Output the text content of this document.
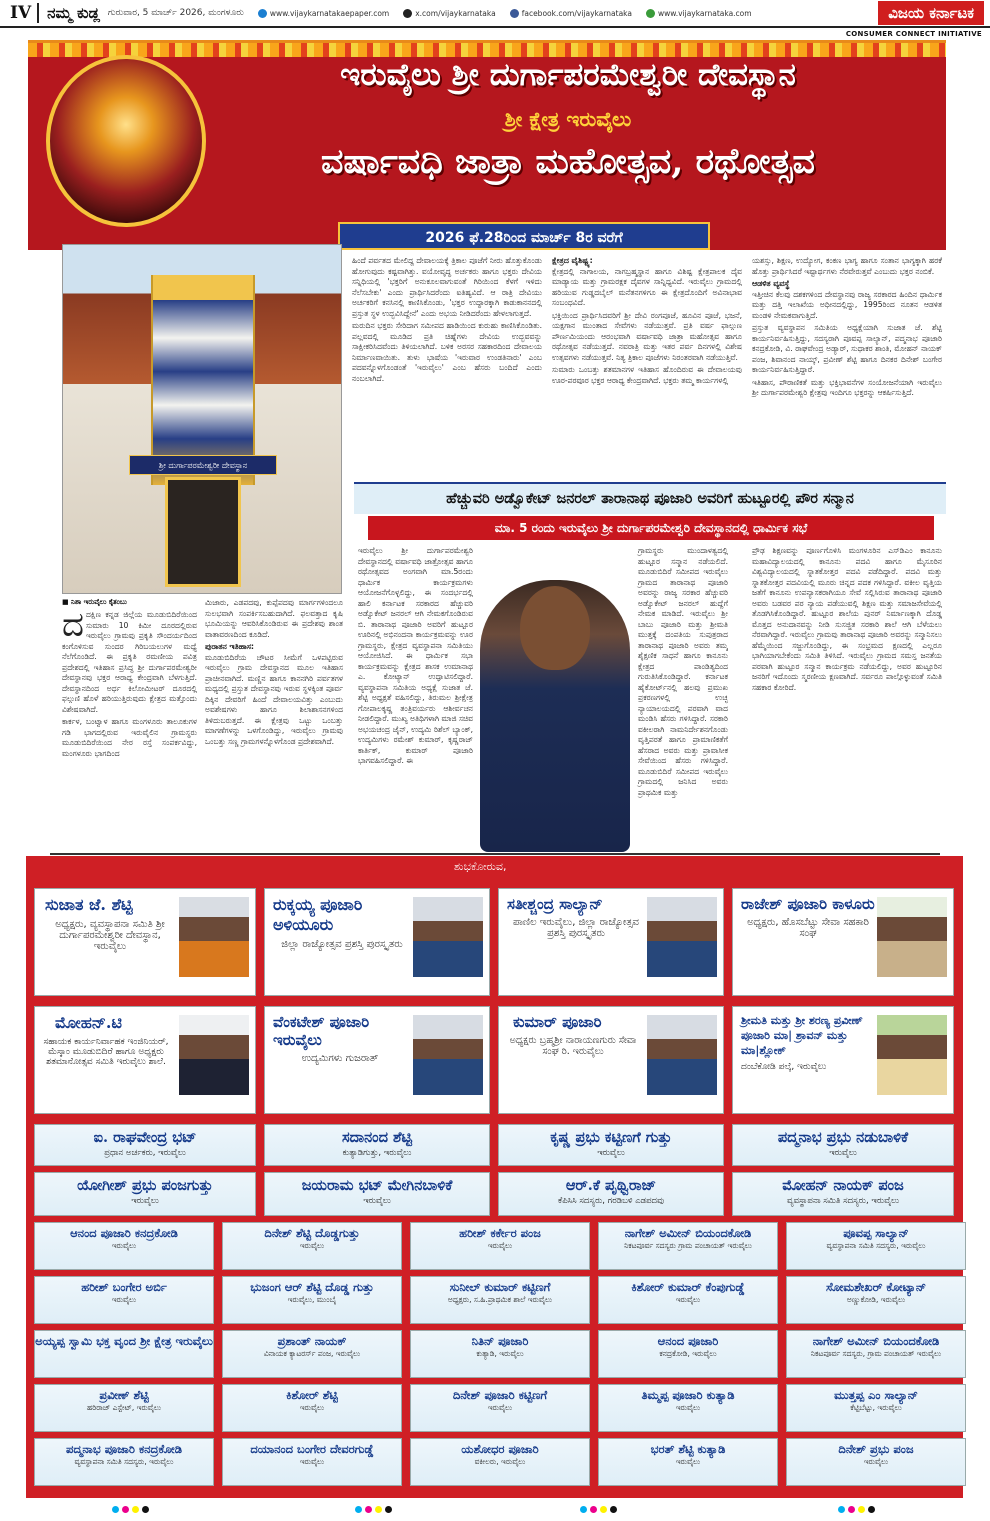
IV	ನಮ್ಮ ಕುಡ್ಲ ಗುರುವಾರ, 5 ಮಾರ್ಚ್ 2026, ಮಂಗಳೂರು	www.vijaykarnatakaepaper.com	x.com/vijaykarnataka	facebook.com/vijaykarnataka	www.vijaykarnataka.com	ವಿಜಯ ಕರ್ನಾಟಕ
CONSUMER CONNECT INITIATIVE
ಇರುವೈಲು ಶ್ರೀ ದುರ್ಗಾಪರಮೇಶ್ವರೀ ದೇವಸ್ಥಾನ
ಶ್ರೀ ಕ್ಷೇತ್ರ ಇರುವೈಲು
ವರ್ಷಾವಧಿ ಜಾತ್ರಾ ಮಹೋತ್ಸವ, ರಥೋತ್ಸವ
2026 ಫೆ.28ರಿಂದ ಮಾರ್ಚ್ 8ರ ವರೆಗೆ
ಶ್ರೀ ದುರ್ಗಾಪರಮೇಶ್ವರೀ ದೇವಸ್ಥಾನ
■ ನಿಶಾ ಇರುವೈಲು ಕೈತಂಬು

ದದಕ್ಷಿಣ ಕನ್ನಡ ಜಿಲ್ಲೆಯ ಮೂಡುಬಿದಿರೆಯಿಂದ ಸುಮಾರು 10 ಕಿಮೀ ದೂರದಲ್ಲಿರುವ ಇರುವೈಲು ಗ್ರಾಮವು ಪ್ರಕೃತಿ ಸೌಂದರ್ಯದಿಂದ ಕಂಗೊಳಿಸುವ ಸುಂದರ ಗಿರಿಬಯಲುಗಳ ಮಧ್ಯೆ ನೆಲೆಗೊಂಡಿದೆ. ಈ ಪ್ರಕೃತಿ ರಮಣೀಯ ಪವಿತ್ರ ಪ್ರದೇಶದಲ್ಲಿ ಇತಿಹಾಸ ಪ್ರಸಿದ್ಧ ಶ್ರೀ ದುರ್ಗಾಪರಮೇಶ್ವರೀ ದೇವಸ್ಥಾನವು ಭಕ್ತರ ಆರಾಧ್ಯ ಕೇಂದ್ರವಾಗಿ ಬೆಳಗುತ್ತಿದೆ. ದೇವಸ್ಥಾನದಿಂದ ಅರ್ಧ ಕಿಲೋಮೀಟರ್ ದೂರದಲ್ಲಿ ಫಲ್ಗುಣಿ ಹೊಳೆ ಹರಿಯುತ್ತಿರುವುದು ಕ್ಷೇತ್ರದ ಮತ್ತೊಂದು ವಿಶೇಷವಾಗಿದೆ.

ಕಾರ್ಕಳ, ಬಂಟ್ವಾಳ ಹಾಗೂ ಮಂಗಳೂರು ತಾಲೂಕುಗಳ ಗಡಿ ಭಾಗದಲ್ಲಿರುವ ಇರುವೈಲಿನ ಗ್ರಾಮಸ್ಥರು ಮೂಡುಬಿದಿರೆಯಿಂದ ನೇರ ರಸ್ತೆ ಸಂಪರ್ಕವಿದ್ದು, ಮಂಗಳೂರು ಭಾಗದಿಂದ

ಮಿಜಾರು, ಎಡಪದವು, ಕುಪ್ಪೆಪದವು ಮಾರ್ಗಗಳಿಂದಲೂ ಸುಲಭವಾಗಿ ಸಂಪರ್ಕಿಸಬಹುದಾಗಿದೆ. ಫಲವತ್ತಾದ ಕೃಷಿ ಭೂಮಿಯನ್ನು ಆವರಿಸಿಕೊಂಡಿರುವ ಈ ಪ್ರದೇಶವು ಶಾಂತ ವಾತಾವರಣದಿಂದ ಕೂಡಿದೆ.

ಪುರಾತನ ಇತಿಹಾಸ:

ಮೂಡುಬಿದಿರೆಯ ಚೌಟರ ಸೀಮೆಗೆ ಒಳಪಟ್ಟಿರುವ ಇರುವೈಲು ಗ್ರಾಮ ದೇವಸ್ಥಾನದ ಮೂಲ ಇತಿಹಾಸ ಪ್ರಾಚೀನವಾಗಿದೆ. ಮಣ್ಣಿನ ಹಾಗೂ ಕಾನನಗಿರಿ ಪರ್ವತಗಳ ಮಧ್ಯದಲ್ಲಿ ಪ್ರಸ್ತುತ ದೇವಸ್ಥಾನವು ಇರುವ ಸ್ಥಳಕ್ಕಿಂತ ಪೂರ್ವ ದಿಕ್ಕಿನ ದೇವರಿಗೆ ಹಿಂದೆ ದೇವಾಲಯವಿತ್ತು ಎಂಬುದು ಅವಶೇಷಗಳು ಹಾಗೂ ಶಿಲಾಶಾಸನಗಳಿಂದ ತಿಳಿದುಬರುತ್ತದೆ. ಈ ಕ್ಷೇತ್ರವು ಒಟ್ಟು ಒಂಬತ್ತು ಮಾಗಣೆಗಳನ್ನು ಒಳಗೊಂಡಿದ್ದು, ಇರುವೈಲು ಗ್ರಾಮವು ಒಂಬತ್ತು ಸಣ್ಣ ಗ್ರಾಮಗಳನ್ನೊಳಗೊಂಡ ಪ್ರದೇಶವಾಗಿದೆ.

ಹಿಂದೆ ಪರ್ವತದ ಮೇಲಿದ್ದ ದೇವಾಲಯಕ್ಕೆ ತ್ರಿಕಾಲ ಪೂಜೆಗೆ ನೀರು ಹೊತ್ತುಕೊಂಡು ಹೋಗುವುದು ಕಷ್ಟವಾಗಿತ್ತು. ವಯೋವೃದ್ಧ ಅರ್ಚಕರು ಹಾಗೂ ಭಕ್ತರು ದೇವಿಯ ಸನ್ನಿಧಿಯಲ್ಲಿ 'ಭಕ್ತರಿಗೆ ಅನುಕೂಲವಾಗುವಂತೆ ಗಿರಿಯಿಂದ ಕೆಳಗೆ ಇಳಿದು ನೆಲೆಸಬೇಕು' ಎಂದು ಪ್ರಾರ್ಥಿಸಿದರೆಂದು ಐತಿಹ್ಯವಿದೆ. ಆ ರಾತ್ರಿ ದೇವಿಯು ಅರ್ಚಕರಿಗೆ ಕನಸಿನಲ್ಲಿ ಕಾಣಿಸಿಕೊಂಡು, 'ಭಕ್ತರ ಉದ್ಧಾರಕ್ಕಾಗಿ ಕಾಡುಕಾನನದಲ್ಲಿ ಪ್ರಸ್ತುತ ಸ್ಥಳ ಉದ್ಭವಿಸಿದ್ದೇನೆ' ಎಂದು ಅಭಯ ನೀಡಿದರೆಂದು ಹೇಳಲಾಗುತ್ತದೆ.

ಮರುದಿನ ಭಕ್ತರು ಸೇರಿದಾಗ ಸಮೀಪದ ಹಾಡಿಯಿಂದ ಕುರುಹು ಕಾಣಿಸಿಕೊಂಡಿತು. ಪಲ್ಲವದಲ್ಲಿ ಮೂಡಿದ ಪ್ರತಿ ಚಿಹ್ನೆಗಳು ದೇವಿಯ ಉದ್ಭವವನ್ನು ಸಾಕ್ಷೀಕರಿಸಿದವೆಂದು ತಿಳಿಯಲಾಗಿದೆ. ಬಳಿಕ ಅರಸರ ಸಹಕಾರದಿಂದ ದೇವಾಲಯ ನಿರ್ಮಾಣವಾಯಿತು. ತುಳು ಭಾಷೆಯ 'ಇರುವಾರ ಉಂಡತಿನಾರು' ಎಂಬ ಪದವನ್ನೊಳಗೊಂಡಂತೆ 'ಇರುವೈಲು' ಎಂಬ ಹೆಸರು ಬಂದಿದೆ ಎಂದು ನಂಬಲಾಗಿದೆ.

ಕ್ಷೇತ್ರದ ವೈಶಿಷ್ಟ್ಯ:

ಕ್ಷೇತ್ರದಲ್ಲಿ ನಾಗಾಲಯ, ನಾಗಬ್ರಹ್ಮಸ್ಥಾನ ಹಾಗೂ ವಿಶಿಷ್ಟ ಕ್ಷೇತ್ರಪಾಲಕ ದೈವ ಮಾಡ್ಯಾಯ ಮತ್ತು ಗ್ರಾಮರಕ್ಷಕ ದೈವಗಳ ಸಾನ್ನಿಧ್ಯವಿದೆ. ಇರುವೈಲು ಗ್ರಾಮದಲ್ಲಿ ಹರಿಯುವ ಗುಡ್ಡದಬೈಲ್ ಮನೆತನಗಳಿಗೂ ಈ ಕ್ಷೇತ್ರದೊಂದಿಗೆ ಅವಿನಾಭಾವ ಸಂಬಂಧವಿದೆ.

ಭಕ್ತಿಯಿಂದ ಪ್ರಾರ್ಥಿಸಿದವರಿಗೆ ಶ್ರೀ ದೇವಿ ರಂಗಪೂಜೆ, ಹೂವಿನ ಪೂಜೆ, ಭಜನೆ, ಯಕ್ಷಗಾನ ಮುಂತಾದ ಸೇವೆಗಳು ನಡೆಯುತ್ತವೆ. ಪ್ರತಿ ವರ್ಷ ಫಾಲ್ಗುಣ ಪೌರ್ಣಮಿಯಂದು ಆರಂಭವಾಗಿ ವರ್ಷಾವಧಿ ಜಾತ್ರಾ ಮಹೋತ್ಸವ ಹಾಗೂ ರಥೋತ್ಸವ ನಡೆಯುತ್ತದೆ. ನವರಾತ್ರಿ ಮತ್ತು ಇತರ ಪರ್ವ ದಿನಗಳಲ್ಲಿ ವಿಶೇಷ ಉತ್ಸವಗಳು ನಡೆಯುತ್ತವೆ. ನಿತ್ಯ ತ್ರಿಕಾಲ ಪೂಜೆಗಳು ನಿರಂತರವಾಗಿ ನಡೆಯುತ್ತಿವೆ.

ಸುಮಾರು ಒಂಬತ್ತು ಶತಮಾನಗಳ ಇತಿಹಾಸ ಹೊಂದಿರುವ ಈ ದೇವಾಲಯವು ಊರ-ಪರವೂರ ಭಕ್ತರ ಆರಾಧ್ಯ ಕೇಂದ್ರವಾಗಿದೆ. ಭಕ್ತರು ತಮ್ಮ ಕಾರ್ಯಗಳಲ್ಲಿ

ಯಶಸ್ಸು, ಶಿಕ್ಷಣ, ಉದ್ಯೋಗ, ಕಂಕಣ ಭಾಗ್ಯ ಹಾಗೂ ಸಂತಾನ ಭಾಗ್ಯಕ್ಕಾಗಿ ಹರಕೆ ಹೊತ್ತು ಪ್ರಾರ್ಥಿಸಿದರೆ ಇಷ್ಟಾರ್ಥಗಳು ನೆರವೇರುತ್ತವೆ ಎಂಬುದು ಭಕ್ತರ ನಂಬಿಕೆ.

ಆಡಳಿತ ವ್ಯವಸ್ಥೆ

ಇತ್ತೀಚಿನ ಕೆಲವು ದಶಕಗಳಿಂದ ದೇವಸ್ಥಾನವು ರಾಜ್ಯ ಸರಕಾರದ ಹಿಂದಿನ ಧಾರ್ಮಿಕ ಮತ್ತು ದತ್ತಿ ಇಲಾಖೆಯ ಅಧೀನದಲ್ಲಿದ್ದು, 1995ರಿಂದ ನೂತನ ಆಡಳಿತ ಮಂಡಳಿ ನೇಮಕವಾಗುತ್ತಿದೆ.

ಪ್ರಸ್ತುತ ವ್ಯವಸ್ಥಾಪನ ಸಮಿತಿಯ ಅಧ್ಯಕ್ಷೆಯಾಗಿ ಸುಜಾತ ಜೆ. ಶೆಟ್ಟಿ ಕಾರ್ಯನಿರ್ವಹಿಸುತ್ತಿದ್ದು, ಸದಸ್ಯರಾಗಿ ಪೂವಪ್ಪ ಸಾಲ್ಯಾನ್, ಪದ್ಮನಾಭ ಪೂಜಾರಿ ಕನದ್ರಕೋಡಿ, ವಿ. ರಾಘವೇಂದ್ರ ಅಡ್ಯಾರ್, ಸುಧಾಕರ ಶಾಂತಿ, ಮೋಹನ್ ನಾಯಕ್ ಪಂಜ, ಶಿವಾನಂದ ನಾಯ್ಕ್, ಪ್ರವೀಣ್ ಶೆಟ್ಟಿ ಹಾಗೂ ದಿನಕರ ದಿನೇಶ್ ಬಂಗೇರ ಕಾರ್ಯನಿರ್ವಹಿಸುತ್ತಿದ್ದಾರೆ.

ಇತಿಹಾಸ, ಪೌರಾಣಿಕತೆ ಮತ್ತು ಭಕ್ತಿಭಾವನೆಗಳ ಸಂಯೋಜನೆಯಾಗಿ ಇರುವೈಲು ಶ್ರೀ ದುರ್ಗಾಪರಮೇಶ್ವರಿ ಕ್ಷೇತ್ರವು ಇಂದಿಗೂ ಭಕ್ತರನ್ನು ಆಕರ್ಷಿಸುತ್ತಿದೆ.

ಹೆಚ್ಚುವರಿ ಅಡ್ವೊಕೇಟ್ ಜನರಲ್ ತಾರಾನಾಥ ಪೂಜಾರಿ ಅವರಿಗೆ ಹುಟ್ಟೂರಲ್ಲಿ ಪೌರ ಸನ್ಮಾನ
ಮಾ. 5 ರಂದು ಇರುವೈಲು ಶ್ರೀ ದುರ್ಗಾಪರಮೇಶ್ವರಿ ದೇವಸ್ಥಾನದಲ್ಲಿ ಧಾರ್ಮಿಕ ಸಭೆ
ಇರುವೈಲು ಶ್ರೀ ದುರ್ಗಾಪರಮೇಶ್ವರಿ ದೇವಸ್ಥಾನದಲ್ಲಿ ವರ್ಷಾವಧಿ ಜಾತ್ರೋತ್ಸವ ಹಾಗೂ ರಥೋತ್ಸವದ ಅಂಗವಾಗಿ ಮಾ.5ರಂದು ಧಾರ್ಮಿಕ ಕಾರ್ಯಕ್ರಮಗಳು ಆಯೋಜನೆಗೊಳ್ಳಲಿದ್ದು, ಈ ಸಂದರ್ಭದಲ್ಲಿ ಹಾಲಿ ಕರ್ನಾಟಕ ಸರಕಾರದ ಹೆಚ್ಚುವರಿ ಅಡ್ವೊಕೇಟ್ ಜನರಲ್ ಆಗಿ ನೇಮಕಗೊಂಡಿರುವ ಬಿ. ತಾರಾನಾಥ ಪೂಜಾರಿ ಅವರಿಗೆ ಹುಟ್ಟೂರ ಊರಿನಲ್ಲಿ ಅಭಿನಂದನಾ ಕಾರ್ಯಕ್ರಮವನ್ನು ಊರ ಗ್ರಾಮಸ್ಥರು, ಕ್ಷೇತ್ರದ ವ್ಯವಸ್ಥಾಪನಾ ಸಮಿತಿಯು ಆಯೋಜಿಸಿದೆ. ಈ ಧಾರ್ಮಿಕ ಸಭಾ ಕಾರ್ಯಕ್ರಮವನ್ನು ಕ್ಷೇತ್ರದ ಶಾಸಕ ಉಮಾನಾಥ ಎ. ಕೋಟ್ಯಾನ್ ಉದ್ಘಾಟಿಸಲಿದ್ದಾರೆ. ವ್ಯವಸ್ಥಾಪನಾ ಸಮಿತಿಯ ಅಧ್ಯಕ್ಷೆ ಸುಜಾತ ಜೆ. ಶೆಟ್ಟಿ ಅಧ್ಯಕ್ಷತೆ ವಹಿಸಲಿದ್ದು, ತಿರುಮಲ ಶ್ರೀಕ್ಷೇತ್ರ ಗೋಪಾಲಕೃಷ್ಣ ತಂತ್ರಿವರ್ಯರು ಆಶೀರ್ವಚನ ನೀಡಲಿದ್ದಾರೆ. ಮುಖ್ಯ ಅತಿಥಿಗಳಾಗಿ ಮಾಜಿ ಸಚಿವ ಅಭಯಚಂದ್ರ ಜೈನ್, ಉದ್ಯಮಿ ರಿಶೆಲ್ ಬ್ಯಾಂಕ್, ಉದ್ಯಮಿಗಳು ರಮೇಶ್ ಕುಮಾರ್, ಕೃಷ್ಣರಾಜ್ ಕಾರ್ತಿಕ್, ಕುಮಾರ್ ಪೂಜಾರಿ ಭಾಗವಹಿಸಲಿದ್ದಾರೆ. ಈ
ಗ್ರಾಮಸ್ಥರು ಮುಂದಾಳತ್ವದಲ್ಲಿ ಹುಟ್ಟೂರ ಸನ್ಮಾನ ನಡೆಯಲಿದೆ. ಮೂಡುಬಿದಿರೆ ಸಮೀಪದ ಇರುವೈಲು ಗ್ರಾಮದ ತಾರಾನಾಥ ಪೂಜಾರಿ ಅವರನ್ನು ರಾಜ್ಯ ಸರಕಾರ ಹೆಚ್ಚುವರಿ ಅಡ್ವೊಕೇಟ್ ಜನರಲ್ ಹುದ್ದೆಗೆ ನೇಮಕ ಮಾಡಿದೆ. ಇರುವೈಲು ಶ್ರೀ ಬಾಬು ಪೂಜಾರಿ ಮತ್ತು ಶ್ರೀಮತಿ ಮುತ್ತಕ್ಕೆ ದಂಪತಿಯ ಸುಪುತ್ರರಾದ ತಾರಾನಾಥ ಪೂಜಾರಿ ಅವರು ತಮ್ಮ ಶೈಕ್ಷಣಿಕ ಸಾಧನೆ ಹಾಗೂ ಕಾನೂನು ಕ್ಷೇತ್ರದ ಪಾಂಡಿತ್ಯದಿಂದ ಗುರುತಿಸಿಕೊಂಡಿದ್ದಾರೆ. ಕರ್ನಾಟಕ ಹೈಕೋರ್ಟ್‌ನಲ್ಲಿ ಹಲವು ಪ್ರಮುಖ ಪ್ರಕರಣಗಳಲ್ಲಿ ಉಚ್ಛ ನ್ಯಾಯಾಲಯದಲ್ಲಿ ಪರವಾಗಿ ವಾದ ಮಂಡಿಸಿ ಹೆಸರು ಗಳಿಸಿದ್ದಾರೆ. ಸರಕಾರಿ ವಕೀಲರಾಗಿ ನಾಮನಿರ್ದೇಶನಗೊಂಡು ವೃತ್ತಿಪರತೆ ಹಾಗೂ ಪ್ರಾಮಾಣಿಕತೆಗೆ ಹೆಸರಾದ ಅವರು ಮತ್ತು ಪ್ರಾವಾಸೀಕ ಸೇವೆಯಿಂದ ಹೆಸರು ಗಳಿಸಿದ್ದಾರೆ. ಮೂಡುಬಿದಿರೆ ಸಮೀಪದ ಇರುವೈಲು ಗ್ರಾಮದಲ್ಲಿ ಜನಿಸಿದ ಅವರು ಪ್ರಾಥಮಿಕ ಮತ್ತು
ಪ್ರೌಢ ಶಿಕ್ಷಣವನ್ನು ಪೂರ್ಣಗೊಳಿಸಿ ಮಂಗಳೂರಿನ ಎಸ್‌ಡಿಎಂ ಕಾನೂನು ಮಹಾವಿದ್ಯಾಲಯದಲ್ಲಿ ಕಾನೂನು ಪದವಿ ಹಾಗೂ ಮೈಸೂರಿನ ವಿಶ್ವವಿದ್ಯಾಲಯದಲ್ಲಿ ಸ್ನಾತಕೋತ್ತರ ಪದವಿ ಪಡೆದಿದ್ದಾರೆ. ಪದವಿ ಮತ್ತು ಸ್ನಾತಕೋತ್ತರ ಪದವಿಯಲ್ಲಿ ಮೂರು ಚಿನ್ನದ ಪದಕ ಗಳಿಸಿದ್ದಾರೆ. ವಕೀಲ ವೃತ್ತಿಯ ಜತೆಗೆ ಕಾನೂನು ಉಪನ್ಯಾಸಕರಾಗಿಯೂ ಸೇವೆ ಸಲ್ಲಿಸಿರುವ ತಾರಾನಾಥ ಪೂಜಾರಿ ಅವರು ಬಡವರ ಪರ ನ್ಯಾಯ ಪಡೆಯುವಲ್ಲಿ ಶಿಕ್ಷಣ ಮತ್ತು ಸಮಾಜಸೇವೆಯಲ್ಲಿ ತೊಡಗಿಸಿಕೊಂಡಿದ್ದಾರೆ. ಹುಟ್ಟೂರ ಶಾಲೆಯ ಪುನರ್ ನಿರ್ಮಾಣಕ್ಕಾಗಿ ದೊಡ್ಡ ಮೊತ್ತದ ಅನುದಾನವನ್ನು ನೀಡಿ ಸುಸಜ್ಜಿತ ಸರಕಾರಿ ಶಾಲೆ ಆಗಿ ಬೆಳೆಯಲು ನೆರವಾಗಿದ್ದಾರೆ. ಇರುವೈಲು ಗ್ರಾಮವು ತಾರಾನಾಥ ಪೂಜಾರಿ ಅವರನ್ನು ಸನ್ಮಾನಿಸಲು ಹೆಮ್ಮೆಯಿಂದ ಸಜ್ಜುಗೊಂಡಿದ್ದು, ಈ ಸಂಭ್ರಮದ ಕ್ಷಣದಲ್ಲಿ ಎಲ್ಲರೂ ಭಾಗಿಯಾಗಬೇಕೆಂದು ಸಮಿತಿ ತಿಳಿಸಿದೆ. ಇರುವೈಲು ಗ್ರಾಮದ ಸಮಸ್ತ ಜನತೆಯ ಪರವಾಗಿ ಹುಟ್ಟೂರ ಸನ್ಮಾನ ಕಾರ್ಯಕ್ರಮ ನಡೆಯಲಿದ್ದು, ಅವರ ಹುಟ್ಟೂರಿನ ಜನರಿಗೆ ಇದೊಂದು ಸ್ಮರಣೀಯ ಕ್ಷಣವಾಗಿದೆ. ಸರ್ವರೂ ಪಾಲ್ಗೊಳ್ಳುವಂತೆ ಸಮಿತಿ ಸಹಕಾರ ಕೋರಿದೆ.
ಶುಭಕೋರುವ,
ಸುಜಾತ ಜೆ. ಶೆಟ್ಟಿ
ಅಧ್ಯಕ್ಷರು, ವ್ಯವಸ್ಥಾಪನಾ ಸಮಿತಿ ಶ್ರೀ ದುರ್ಗಾಪರಮೇಶ್ವರೀ ದೇವಸ್ಥಾನ, ಇರುವೈಲು
ರುಕ್ಕಯ್ಯ ಪೂಜಾರಿ ಅಳಿಯೂರು
ಜಿಲ್ಲಾ ರಾಜ್ಯೋತ್ಸವ ಪ್ರಶಸ್ತಿ ಪುರಸ್ಕೃತರು
ಸತೀಶ್ಚಂದ್ರ ಸಾಲ್ಯಾನ್
ಪಾಣಿಲ ಇರುವೈಲು, ಜಿಲ್ಲಾ ರಾಜ್ಯೋತ್ಸವ ಪ್ರಶಸ್ತಿ ಪುರಸ್ಕೃತರು
ರಾಜೇಶ್ ಪೂಜಾರಿ ಕಾಳೂರು
ಅಧ್ಯಕ್ಷರು, ಹೊಸಬೆಟ್ಟು ಸೇವಾ ಸಹಕಾರಿ ಸಂಘ
ಮೋಹನ್.ಟಿ
ಸಹಾಯಕ ಕಾರ್ಯನಿರ್ವಾಹಕ ಇಂಜಿನಿಯರ್, ಮೆಸ್ಕಾಂ ಮೂಡುಬಿದಿರೆ ಹಾಗೂ ಅಧ್ಯಕ್ಷರು ಶತಮಾನೋತ್ಸವ ಸಮಿತಿ ಇರುವೈಲು ಶಾಲೆ.
ವೆಂಕಟೇಶ್ ಪೂಜಾರಿ ಇರುವೈಲು
ಉದ್ಯಮಿಗಳು ಗುಜರಾತ್
ಕುಮಾರ್ ಪೂಜಾರಿ
ಅಧ್ಯಕ್ಷರು ಬ್ರಹ್ಮಶ್ರೀ ನಾರಾಯಣಗುರು ಸೇವಾ ಸಂಘ ರಿ. ಇರುವೈಲು
ಶ್ರೀಮತಿ ಮತ್ತು ಶ್ರೀ ಶರಣ್ಯ ಪ್ರವೀಣ್ ಪೂಜಾರಿ ಮಾ| ಶ್ರಾವನ್ ಮತ್ತು ಮಾ|ಶ್ಲೋಕ್
ದಂಬೆಕೋಡಿ ಪಲ್ಕೆ, ಇರುವೈಲು
ಐ. ರಾಘವೇಂದ್ರ ಭಟ್
ಪ್ರಧಾನ ಅರ್ಚಕರು, ಇರುವೈಲು
ಸದಾನಂದ ಶೆಟ್ಟಿ
ಕುತ್ಯಾಡಿಗುತ್ತು, ಇರುವೈಲು
ಕೃಷ್ಣ ಪ್ರಭು ಕಟ್ಟಿಣಗೆ ಗುತ್ತು
ಇರುವೈಲು
ಪದ್ಮನಾಭ ಪ್ರಭು ನಡುಬಾಳಿಕೆ
ಇರುವೈಲು
ಯೋಗೀಶ್ ಪ್ರಭು ಪಂಜಗುತ್ತು
ಇರುವೈಲು
ಜಯರಾಮ ಭಟ್ ಮೇಗಿನಬಾಳಿಕೆ
ಇರುವೈಲು
ಆರ್.ಕೆ ಪೃಥ್ವಿರಾಜ್
ಕೆಪಿಸಿಸಿ ಸದಸ್ಯರು, ಗರಡಿಬಳಿ ಎಡಪದವು
ಮೋಹನ್ ನಾಯಕ್ ಪಂಜ
ವ್ಯವಸ್ಥಾಪನಾ ಸಮಿತಿ ಸದಸ್ಯರು, ಇರುವೈಲು
ಆನಂದ ಪೂಜಾರಿ ಕನದ್ರಕೋಡಿ
ಇರುವೈಲು
ದಿನೇಶ್ ಶೆಟ್ಟಿ ದೊಡ್ಡಗುತ್ತು
ಇರುವೈಲು
ಹರೀಶ್ ಕರ್ಕೇರ ಪಂಜ
ಇರುವೈಲು
ನಾಗೇಶ್ ಅಮೀನ್ ಬಿಯಂದಕೋಡಿ
ನಿಕಟಪೂರ್ವ ಸದಸ್ಯರು ಗ್ರಾಮ ಪಂಚಾಯತ್ ಇರುವೈಲು
ಪೂವಪ್ಪ ಸಾಲ್ಯಾನ್
ವ್ಯವಸ್ಥಾಪನಾ ಸಮಿತಿ ಸದಸ್ಯರು, ಇರುವೈಲು
ಹರೀಶ್ ಬಂಗೇರ ಅರ್ಬಿ
ಇರುವೈಲು
ಭುಜಂಗ ಆರ್ ಶೆಟ್ಟಿ ದೊಡ್ಡ ಗುತ್ತು
ಇರುವೈಲು, ಮುಂಬೈ
ಸುನೀಲ್ ಕುಮಾರ್ ಕಟ್ಟಿಣಗೆ
ಅಧ್ಯಕ್ಷರು, ಸ.ಹಿ.ಪ್ರಾಥಮಿಕ ಶಾಲೆ ಇರುವೈಲು
ಕಿಶೋರ್ ಕುಮಾರ್ ಕೆಂಪುಗುಡ್ಡೆ
ಇರುವೈಲು
ಸೋಮಶೇಖರ್ ಕೋಟ್ಯಾನ್
ಅಣ್ಣುಕೋಡಿ, ಇರುವೈಲು
ಅಯ್ಯಪ್ಪ ಸ್ವಾಮಿ ಭಕ್ತ ವೃಂದ ಶ್ರೀ ಕ್ಷೇತ್ರ ಇರುವೈಲು	ಪ್ರಶಾಂತ್ ನಾಯಕ್
ವಿನಾಯಕ ಕ್ಯಾಟರರ್ಸ್ ಪಂಜ, ಇರುವೈಲು
ನಿತಿನ್ ಪೂಜಾರಿ
ಕುತ್ಯಾಡಿ, ಇರುವೈಲು
ಆನಂದ ಪೂಜಾರಿ
ಕನದ್ರಕೋಡಿ, ಇರುವೈಲು
ನಾಗೇಶ್ ಅಮೀನ್ ಬಿಯಂದಕೋಡಿ
ನಿಕಟಪೂರ್ವ ಸದಸ್ಯರು, ಗ್ರಾಮ ಪಂಚಾಯತ್ ಇರುವೈಲು
ಪ್ರವೀಣ್ ಶೆಟ್ಟಿ
ಹರಿರಾಜ್ ಎಸ್ಟೇಟ್, ಇರುವೈಲು
ಕಿಶೋರ್ ಶೆಟ್ಟಿ
ಇರುವೈಲು
ದಿನೇಶ್ ಪೂಜಾರಿ ಕಟ್ಟಿಣಗೆ
ಇರುವೈಲು
ತಿಮ್ಮಪ್ಪ ಪೂಜಾರಿ ಕುತ್ಯಾಡಿ
ಇರುವೈಲು
ಮುತ್ತಪ್ಪ ಎಂ ಸಾಲ್ಯಾನ್
ಕೆಟ್ಟಿಬೆಟ್ಟು, ಇರುವೈಲು
ಪದ್ಮನಾಭ ಪೂಜಾರಿ ಕನದ್ರಕೋಡಿ
ವ್ಯವಸ್ಥಾಪನಾ ಸಮಿತಿ ಸದಸ್ಯರು, ಇರುವೈಲು
ದಯಾನಂದ ಬಂಗೇರ ದೇವರಗುಡ್ಡೆ
ಇರುವೈಲು
ಯಶೋಧರ ಪೂಜಾರಿ
ವಕೀಲರು, ಇರುವೈಲು
ಭರತ್ ಶೆಟ್ಟಿ ಕುತ್ಯಾಡಿ
ಇರುವೈಲು
ದಿನೇಶ್ ಪ್ರಭು ಪಂಜ
ಇರುವೈಲು
